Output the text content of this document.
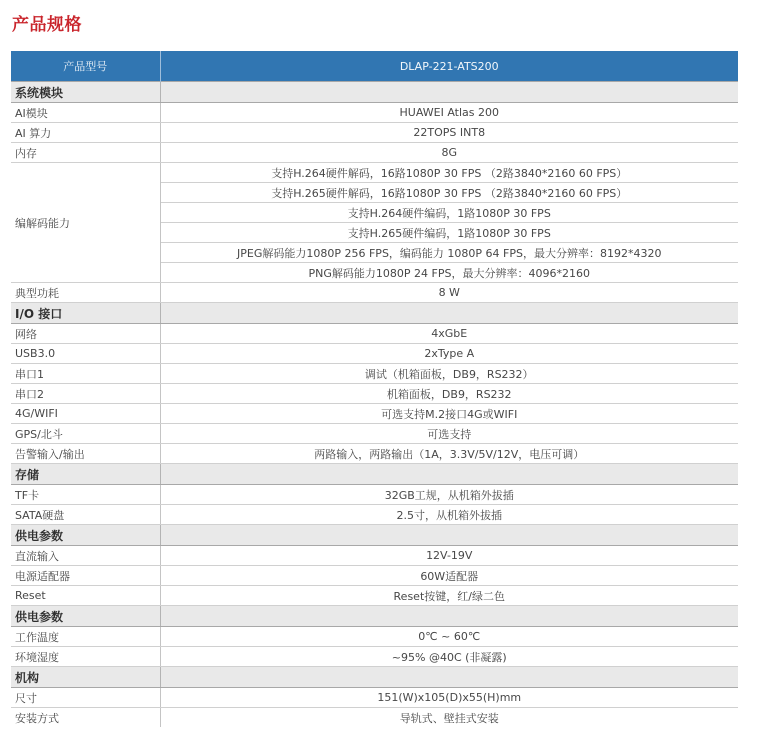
产品规格
产品型号	DLAP-221-ATS200
系统模块	
AI模块	HUAWEI Atlas 200
AI 算力	22TOPS INT8
内存	8G
编解码能力	支持H.264硬件解码，16路1080P 30 FPS （2路3840*2160 60 FPS）
	支持H.265硬件解码，16路1080P 30 FPS （2路3840*2160 60 FPS）
	支持H.264硬件编码，1路1080P 30 FPS
	支持H.265硬件编码，1路1080P 30 FPS
	JPEG解码能力1080P 256 FPS，编码能力 1080P 64 FPS，最大分辨率：8192*4320
	PNG解码能力1080P 24 FPS，最大分辨率：4096*2160
典型功耗	8 W
I/O 接口	
网络	4xGbE
USB3.0	2xType A
串口1	调试（机箱面板，DB9，RS232）
串口2	机箱面板，DB9，RS232
4G/WIFI	可选支持M.2接口4G或WIFI
GPS/北斗	可选支持
告警输入/输出	两路输入，两路输出（1A，3.3V/5V/12V，电压可调）
存储	
TF卡	32GB工规，从机箱外拔插
SATA硬盘	2.5寸，从机箱外拔插
供电参数	
直流输入	12V-19V
电源适配器	60W适配器
Reset	Reset按键，红/绿二色
供电参数	
工作温度	0℃ ~ 60℃
环境湿度	~95% @40C (非凝露)
机构	
尺寸	151(W)x105(D)x55(H)mm
安装方式	导轨式、壁挂式安装
